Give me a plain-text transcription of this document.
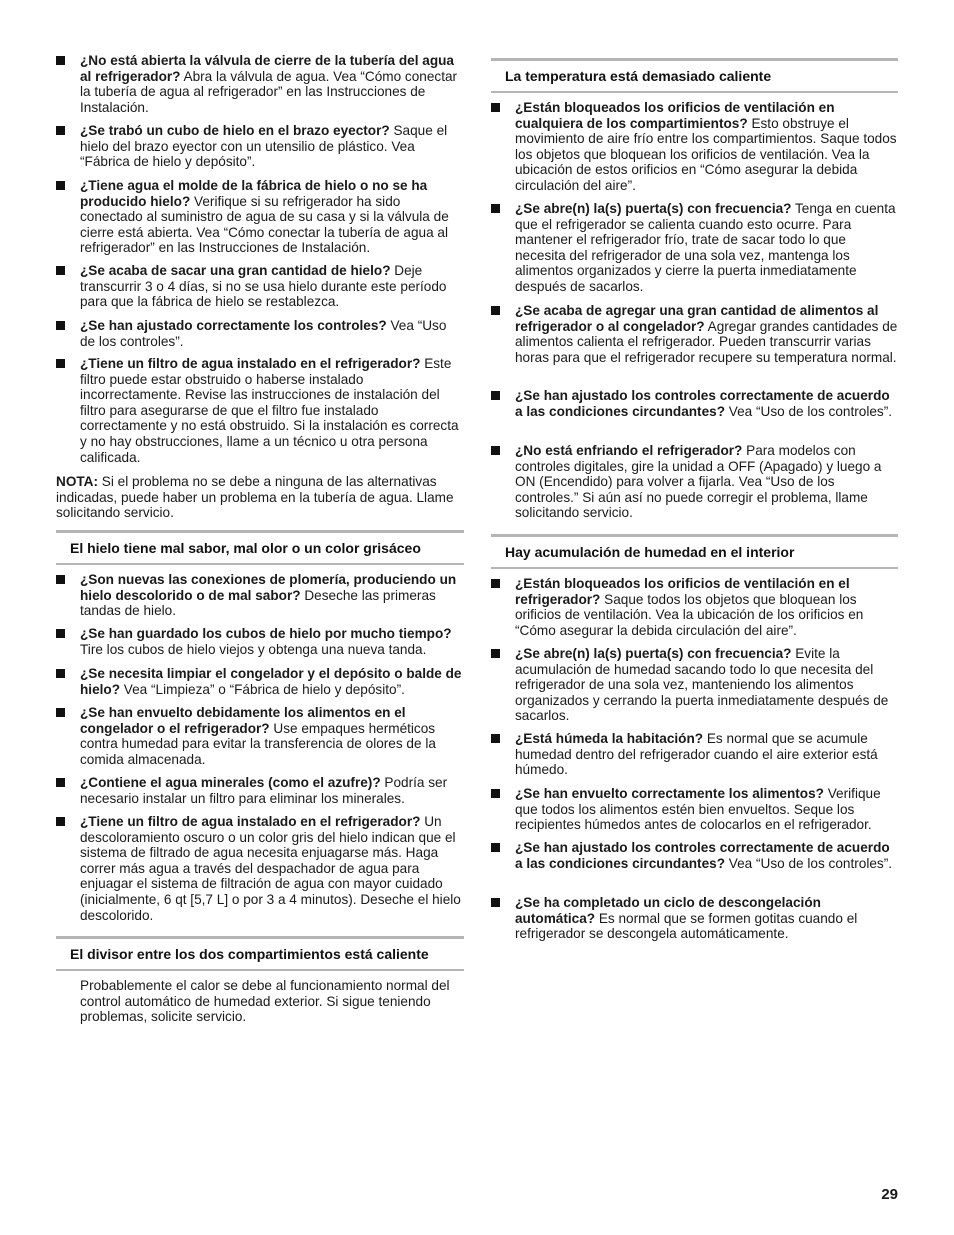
¿No está abierta la válvula de cierre de la tubería del agua al refrigerador? Abra la válvula de agua. Vea “Cómo conectar la tubería de agua al refrigerador” en las Instrucciones de Instalación.
¿Se trabó un cubo de hielo en el brazo eyector? Saque el hielo del brazo eyector con un utensilio de plástico. Vea “Fábrica de hielo y depósito”.
¿Tiene agua el molde de la fábrica de hielo o no se ha producido hielo? Verifique si su refrigerador ha sido conectado al suministro de agua de su casa y si la válvula de cierre está abierta. Vea “Cómo conectar la tubería de agua al refrigerador” en las Instrucciones de Instalación.
¿Se acaba de sacar una gran cantidad de hielo? Deje transcurrir 3 o 4 días, si no se usa hielo durante este período para que la fábrica de hielo se restablezca.
¿Se han ajustado correctamente los controles? Vea “Uso de los controles”.
¿Tiene un filtro de agua instalado en el refrigerador? Este filtro puede estar obstruido o haberse instalado incorrectamente. Revise las instrucciones de instalación del filtro para asegurarse de que el filtro fue instalado correctamente y no está obstruido. Si la instalación es correcta y no hay obstrucciones, llame a un técnico u otra persona calificada.
NOTA: Si el problema no se debe a ninguna de las alternativas indicadas, puede haber un problema en la tubería de agua. Llame solicitando servicio.
El hielo tiene mal sabor, mal olor o un color grisáceo
¿Son nuevas las conexiones de plomería, produciendo un hielo descolorido o de mal sabor? Deseche las primeras tandas de hielo.
¿Se han guardado los cubos de hielo por mucho tiempo? Tire los cubos de hielo viejos y obtenga una nueva tanda.
¿Se necesita limpiar el congelador y el depósito o balde de hielo? Vea “Limpieza” o “Fábrica de hielo y depósito”.
¿Se han envuelto debidamente los alimentos en el congelador o el refrigerador? Use empaques herméticos contra humedad para evitar la transferencia de olores de la comida almacenada.
¿Contiene el agua minerales (como el azufre)? Podría ser necesario instalar un filtro para eliminar los minerales.
¿Tiene un filtro de agua instalado en el refrigerador? Un descoloramiento oscuro o un color gris del hielo indican que el sistema de filtrado de agua necesita enjuagarse más. Haga correr más agua a través del despachador de agua para enjuagar el sistema de filtración de agua con mayor cuidado (inicialmente, 6 qt [5,7 L] o por 3 a 4 minutos). Deseche el hielo descolorido.
El divisor entre los dos compartimientos está caliente
Probablemente el calor se debe al funcionamiento normal del control automático de humedad exterior. Si sigue teniendo problemas, solicite servicio.
La temperatura está demasiado caliente
¿Están bloqueados los orificios de ventilación en cualquiera de los compartimientos? Esto obstruye el movimiento de aire frío entre los compartimientos. Saque todos los objetos que bloquean los orificios de ventilación. Vea la ubicación de estos orificios en “Cómo asegurar la debida circulación del aire”.
¿Se abre(n) la(s) puerta(s) con frecuencia? Tenga en cuenta que el refrigerador se calienta cuando esto ocurre. Para mantener el refrigerador frío, trate de sacar todo lo que necesita del refrigerador de una sola vez, mantenga los alimentos organizados y cierre la puerta inmediatamente después de sacarlos.
¿Se acaba de agregar una gran cantidad de alimentos al refrigerador o al congelador? Agregar grandes cantidades de alimentos calienta el refrigerador. Pueden transcurrir varias horas para que el refrigerador recupere su temperatura normal.
¿Se han ajustado los controles correctamente de acuerdo a las condiciones circundantes? Vea “Uso de los controles”.
¿No está enfriando el refrigerador? Para modelos con controles digitales, gire la unidad a OFF (Apagado) y luego a ON (Encendido) para volver a fijarla. Vea “Uso de los controles.” Si aún así no puede corregir el problema, llame solicitando servicio.
Hay acumulación de humedad en el interior
¿Están bloqueados los orificios de ventilación en el refrigerador? Saque todos los objetos que bloquean los orificios de ventilación. Vea la ubicación de los orificios en “Cómo asegurar la debida circulación del aire”.
¿Se abre(n) la(s) puerta(s) con frecuencia? Evite la acumulación de humedad sacando todo lo que necesita del refrigerador de una sola vez, manteniendo los alimentos organizados y cerrando la puerta inmediatamente después de sacarlos.
¿Está húmeda la habitación? Es normal que se acumule humedad dentro del refrigerador cuando el aire exterior está húmedo.
¿Se han envuelto correctamente los alimentos? Verifique que todos los alimentos estén bien envueltos. Seque los recipientes húmedos antes de colocarlos en el refrigerador.
¿Se han ajustado los controles correctamente de acuerdo a las condiciones circundantes? Vea “Uso de los controles”.
¿Se ha completado un ciclo de descongelación automática? Es normal que se formen gotitas cuando el refrigerador se descongela automáticamente.
29
